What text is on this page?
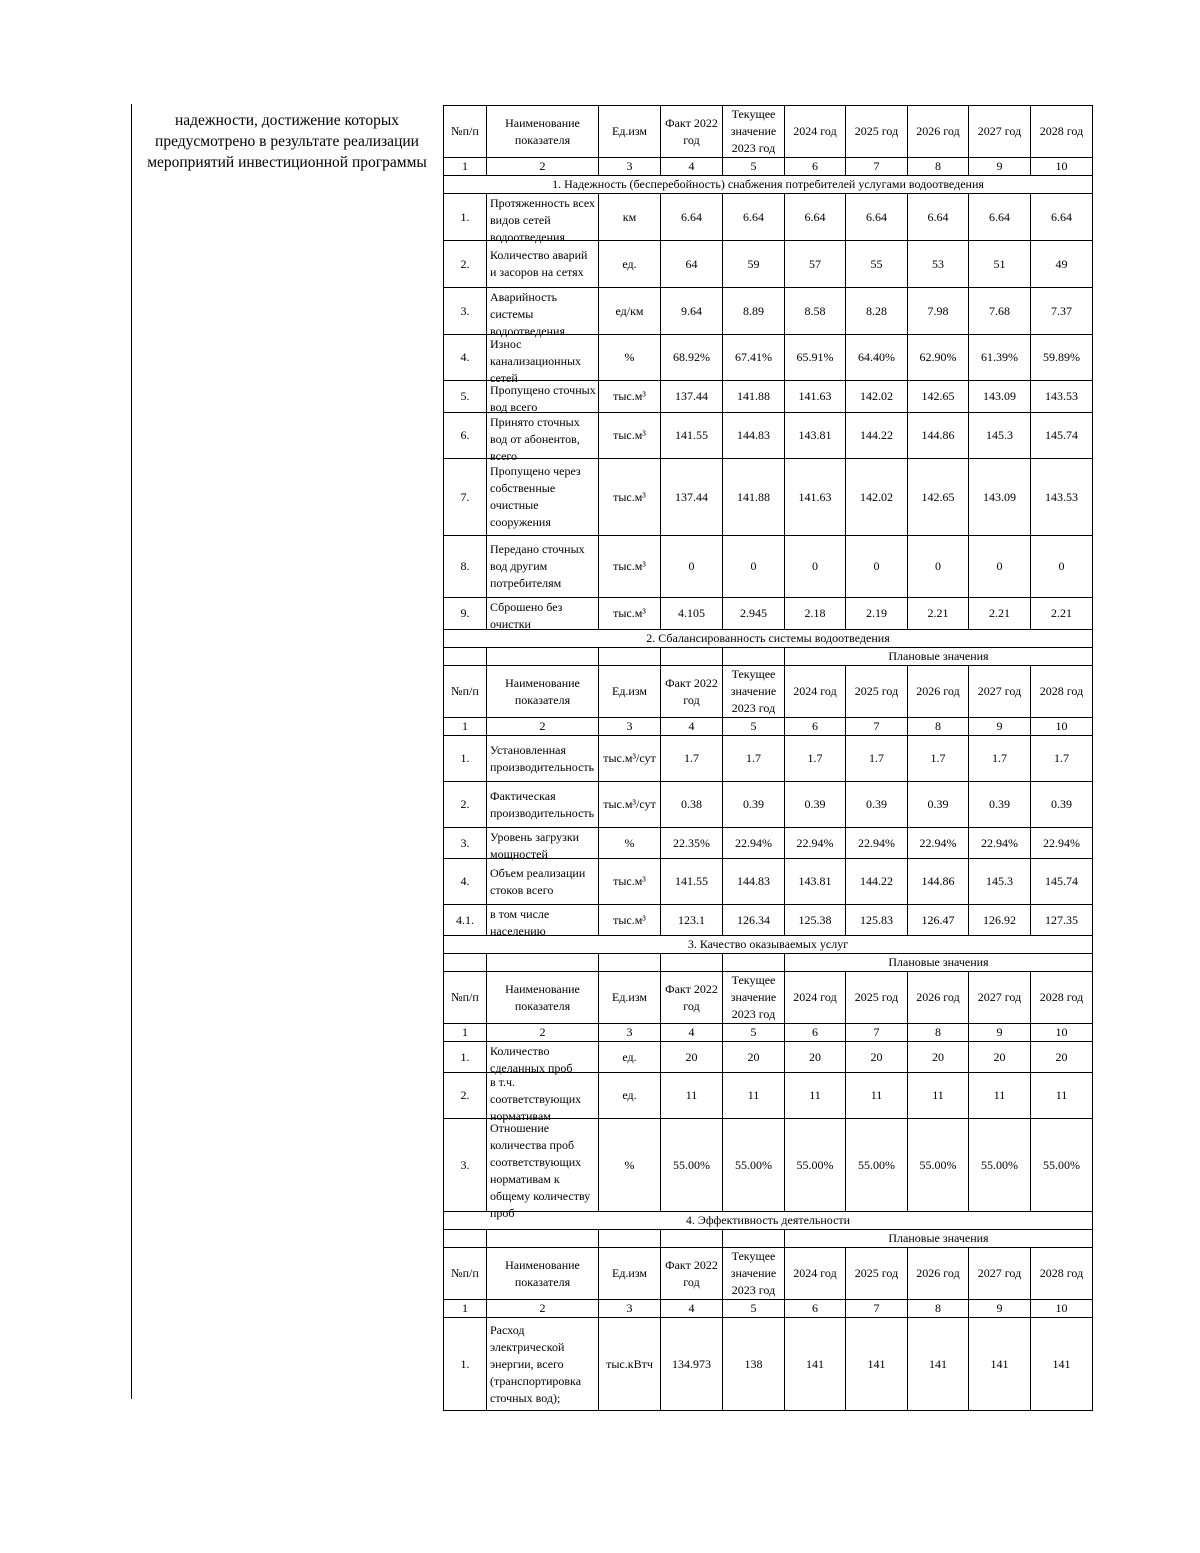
надежности, достижение которых
предусмотрено в результате реализации
мероприятий инвестиционной программы
№п/п	Наименование показателя	Ед.изм	Факт 2022 год	Текущее значение 2023 год	2024 год	2025 год	2026 год	2027 год	2028 год
1	2	3	4	5	6	7	8	9	10
1. Надежность (бесперебойность) снабжения потребителей услугами водоотведения									
1.	Протяженность всех видов сетей водоотведения	км	6.64	6.64	6.64	6.64	6.64	6.64	6.64
2.	Количество аварий и засоров на сетях	ед.	64	59	57	55	53	51	49
3.	Аварийность системы водоотведения	ед/км	9.64	8.89	8.58	8.28	7.98	7.68	7.37
4.	Износ канализационных сетей	%	68.92%	67.41%	65.91%	64.40%	62.90%	61.39%	59.89%
5.	Пропущено сточных вод всего	тыс.м³	137.44	141.88	141.63	142.02	142.65	143.09	143.53
6.	Принято сточных вод от абонентов, всего	тыс.м³	141.55	144.83	143.81	144.22	144.86	145.3	145.74
7.	Пропущено через собственные очистные сооружения	тыс.м³	137.44	141.88	141.63	142.02	142.65	143.09	143.53
8.	Передано сточных вод другим потребителям	тыс.м³	0	0	0	0	0	0	0
9.	Сброшено без очистки	тыс.м³	4.105	2.945	2.18	2.19	2.21	2.21	2.21
2. Сбалансированность системы водоотведения									
					Плановые значения				
№п/п	Наименование показателя	Ед.изм	Факт 2022 год	Текущее значение 2023 год	2024 год	2025 год	2026 год	2027 год	2028 год
1	2	3	4	5	6	7	8	9	10
1.	Установленная производительность	тыс.м³/сут	1.7	1.7	1.7	1.7	1.7	1.7	1.7
2.	Фактическая производительность	тыс.м³/сут	0.38	0.39	0.39	0.39	0.39	0.39	0.39
3.	Уровень загрузки мощностей	%	22.35%	22.94%	22.94%	22.94%	22.94%	22.94%	22.94%
4.	Объем реализации стоков всего	тыс.м³	141.55	144.83	143.81	144.22	144.86	145.3	145.74
4.1.	в том числе населению	тыс.м³	123.1	126.34	125.38	125.83	126.47	126.92	127.35
3. Качество оказываемых услуг									
					Плановые значения				
№п/п	Наименование показателя	Ед.изм	Факт 2022 год	Текущее значение 2023 год	2024 год	2025 год	2026 год	2027 год	2028 год
1	2	3	4	5	6	7	8	9	10
1.	Количество сделанных проб	ед.	20	20	20	20	20	20	20
2.	в т.ч. соответствующих нормативам	ед.	11	11	11	11	11	11	11
3.	Отношение количества проб соответствующих нормативам к общему количеству проб	%	55.00%	55.00%	55.00%	55.00%	55.00%	55.00%	55.00%
4. Эффективность деятельности									
					Плановые значения				
№п/п	Наименование показателя	Ед.изм	Факт 2022 год	Текущее значение 2023 год	2024 год	2025 год	2026 год	2027 год	2028 год
1	2	3	4	5	6	7	8	9	10
1.	Расход электрической энергии, всего (транспортировка сточных вод);	тыс.кВтч	134.973	138	141	141	141	141	141
